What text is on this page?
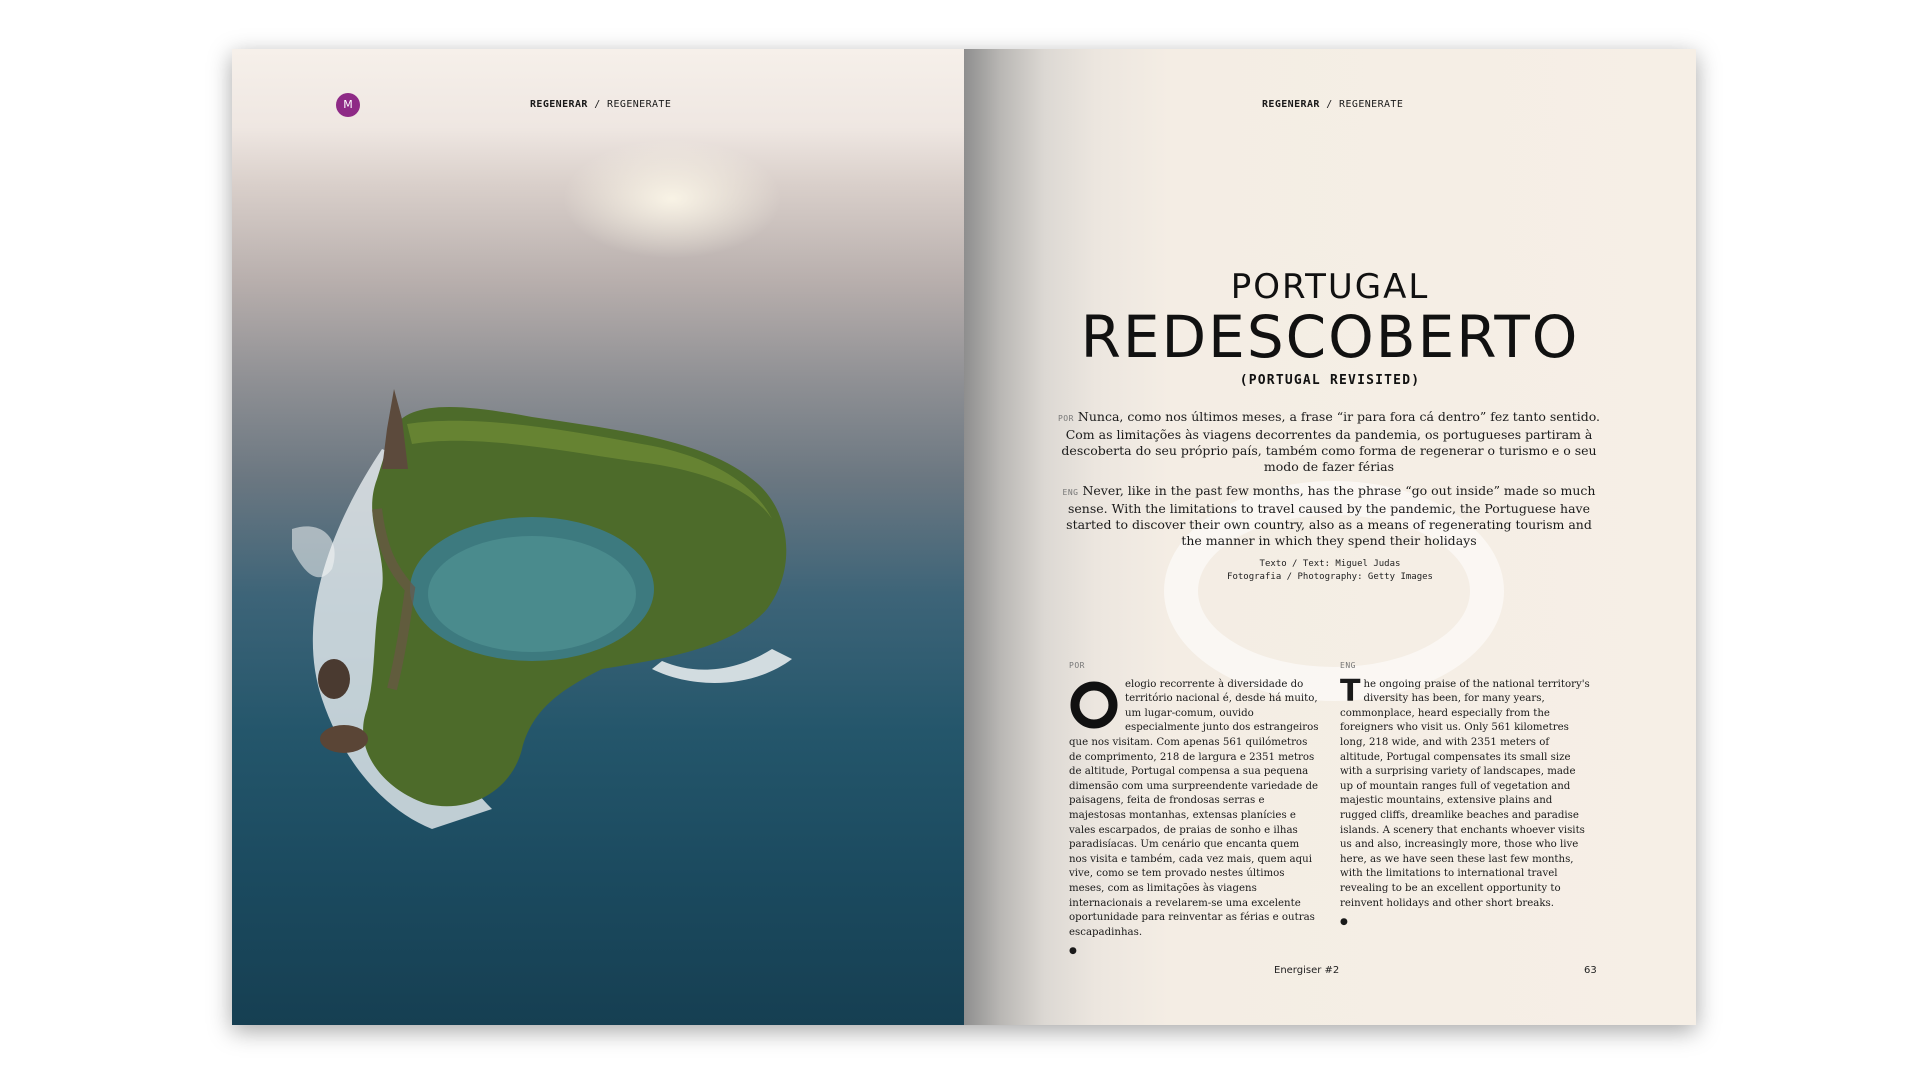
M	REGENERAR / REGENERATE	REGENERAR / REGENERATE
PORTUGAL
REDESCOBERTO
(PORTUGAL REVISITED)
POR Nunca, como nos últimos meses, a frase “ir para fora cá dentro” fez tanto sentido. Com as limitações às viagens decorrentes da pandemia, os portugueses partiram à descoberta do seu próprio país, também como forma de regenerar o turismo e o seu modo de fazer férias
ENG Never, like in the past few months, has the phrase “go out inside” made so much sense. With the limitations to travel caused by the pandemic, the Portuguese have started to discover their own country, also as a means of regenerating tourism and the manner in which they spend their holidays
Texto / Text: Miguel Judas
Fotografia / Photography: Getty Images
POR
elogio recorrente à diversidade do território nacional é, desde há muito, um lugar-comum, ouvido especialmente junto dos estrangeiros que nos visitam. Com apenas 561 quilómetros de comprimento, 218 de largura e 2351 metros de altitude, Portugal compensa a sua pequena dimensão com uma surpreendente variedade de paisagens, feita de frondosas serras e majestosas montanhas, extensas planícies e vales escarpados, de praias de sonho e ilhas paradisíacas. Um cenário que encanta quem nos visita e também, cada vez mais, quem aqui vive, como se tem provado nestes últimos meses, com as limitações às viagens internacionais a revelarem-se uma excelente oportunidade para reinventar as férias e outras escapadinhas.
●
ENG
T he ongoing praise of the national territory's diversity has been, for many years, commonplace, heard especially from the foreigners who visit us. Only 561 kilometres long, 218 wide, and with 2351 meters of altitude, Portugal compensates its small size with a surprising variety of landscapes, made up of mountain ranges full of vegetation and majestic mountains, extensive plains and rugged cliffs, dreamlike beaches and paradise islands. A scenery that enchants whoever visits us and also, increasingly more, those who live here, as we have seen these last few months, with the limitations to international travel revealing to be an excellent opportunity to reinvent holidays and other short breaks.
●
Energiser #2	63
